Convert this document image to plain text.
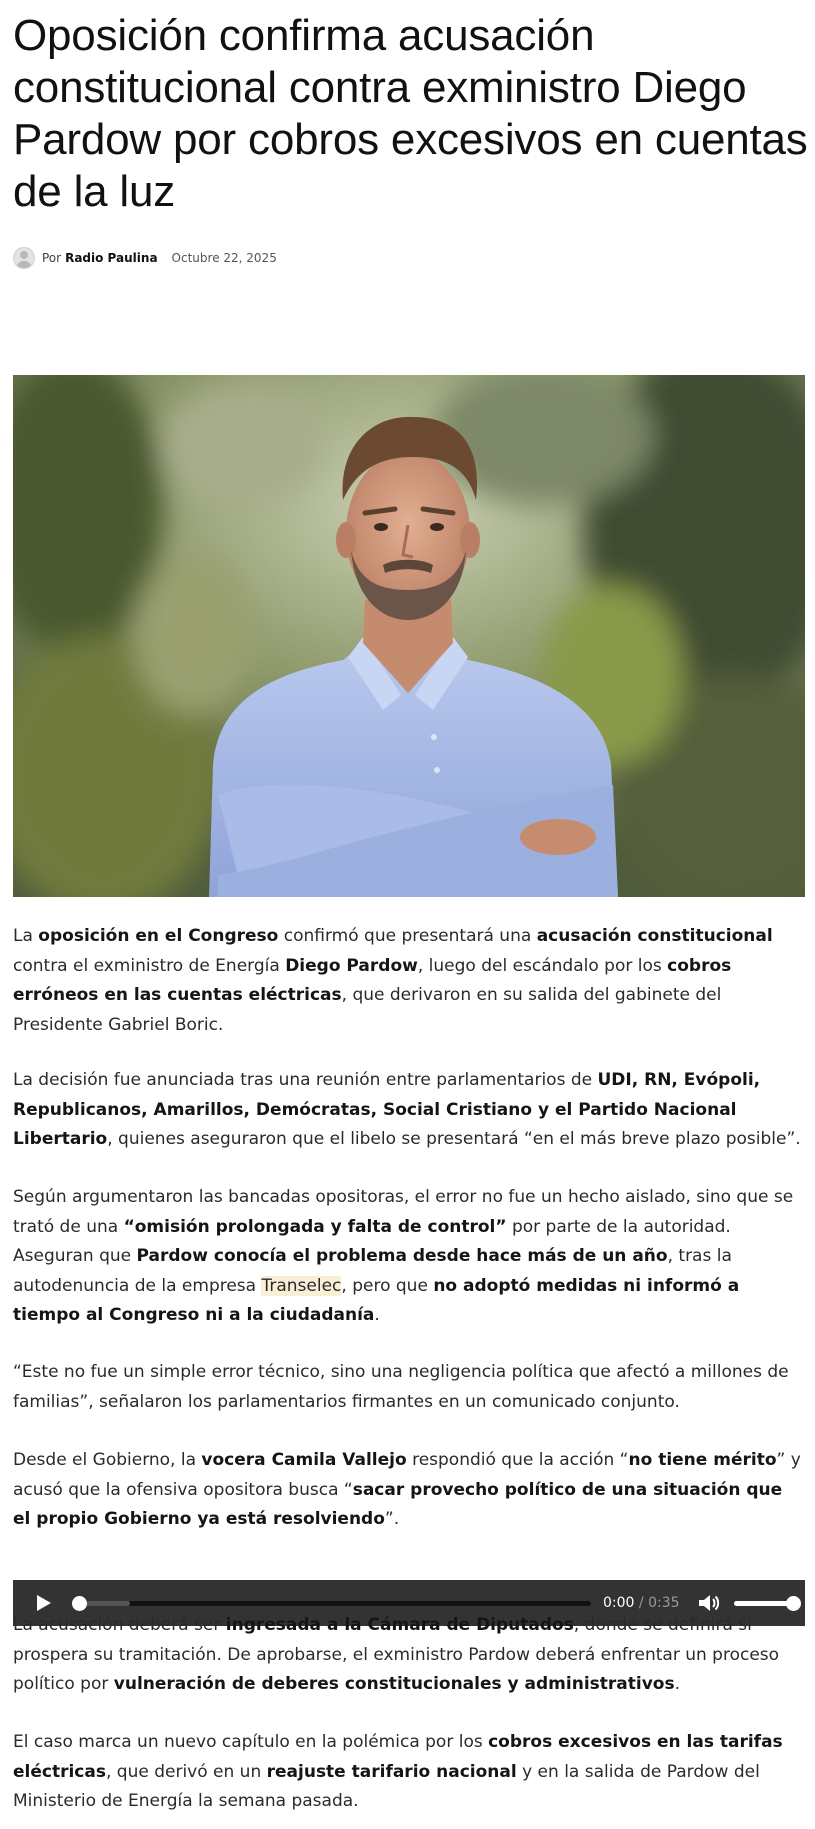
Oposición confirma acusación constitucional contra exministro Diego Pardow por cobros excesivos en cuentas de la luz
Por Radio Paulina Octubre 22, 2025

La oposición en el Congreso confirmó que presentará una acusación constitucional contra el exministro de Energía Diego Pardow, luego del escándalo por los cobros erróneos en las cuentas eléctricas, que derivaron en su salida del gabinete del Presidente Gabriel Boric.

La decisión fue anunciada tras una reunión entre parlamentarios de UDI, RN, Evópoli, Republicanos, Amarillos, Demócratas, Social Cristiano y el Partido Nacional Libertario, quienes aseguraron que el libelo se presentará “en el más breve plazo posible”.

Según argumentaron las bancadas opositoras, el error no fue un hecho aislado, sino que se trató de una “omisión prolongada y falta de control” por parte de la autoridad. Aseguran que Pardow conocía el problema desde hace más de un año, tras la autodenuncia de la empresa Transelec, pero que no adoptó medidas ni informó a tiempo al Congreso ni a la ciudadanía.

“Este no fue un simple error técnico, sino una negligencia política que afectó a millones de familias”, señalaron los parlamentarios firmantes en un comunicado conjunto.

Desde el Gobierno, la vocera Camila Vallejo respondió que la acción “no tiene mérito” y acusó que la ofensiva opositora busca “sacar provecho político de una situación que el propio Gobierno ya está resolviendo”.

0:00 / 0:35

La acusación deberá ser ingresada a la Cámara de Diputados, donde se definirá si prospera su tramitación. De aprobarse, el exministro Pardow deberá enfrentar un proceso político por vulneración de deberes constitucionales y administrativos.

El caso marca un nuevo capítulo en la polémica por los cobros excesivos en las tarifas eléctricas, que derivó en un reajuste tarifario nacional y en la salida de Pardow del Ministerio de Energía la semana pasada.
